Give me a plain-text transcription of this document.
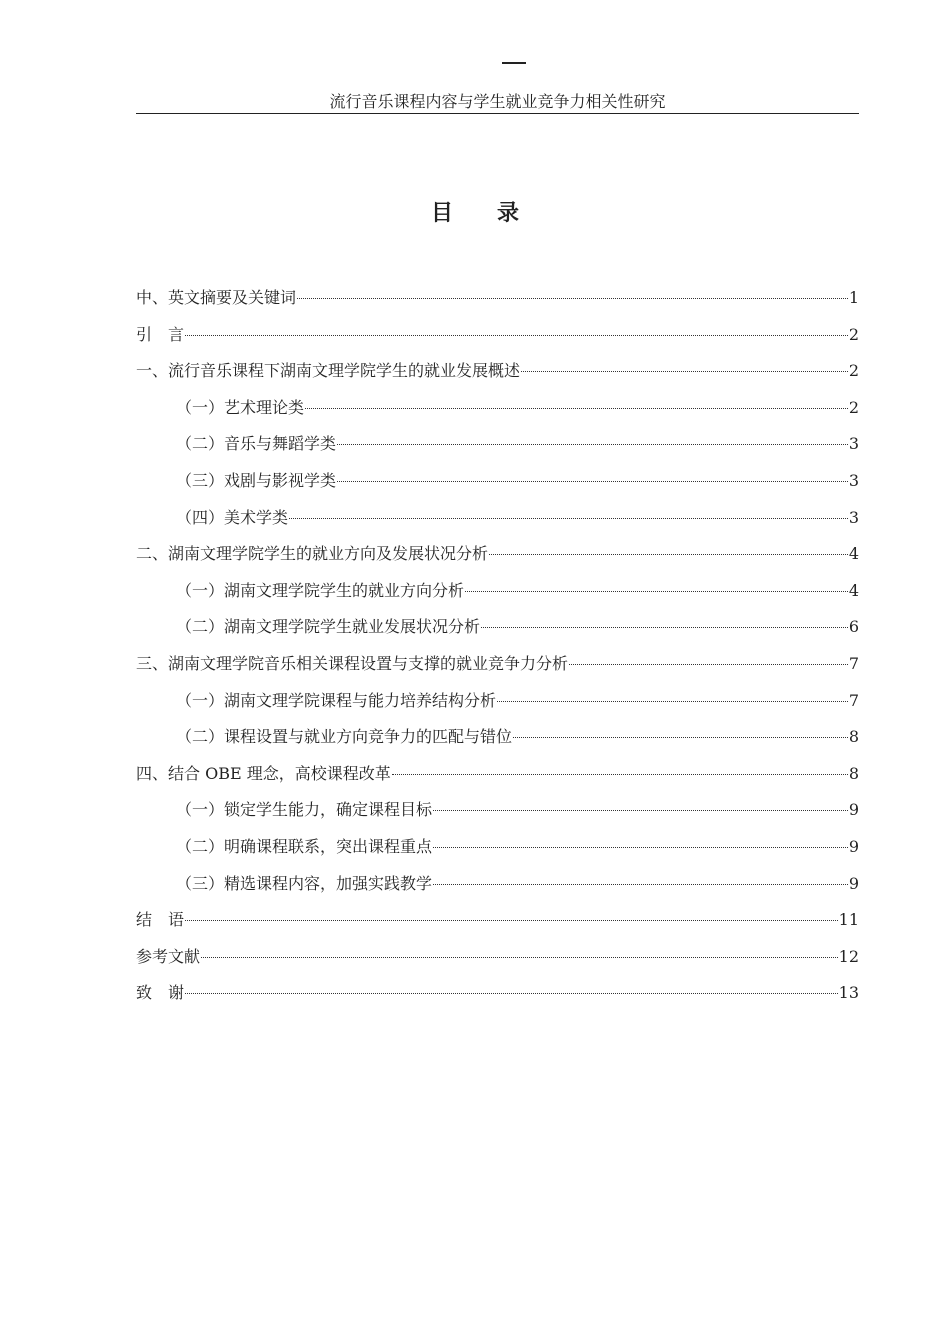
流行音乐课程内容与学生就业竞争力相关性研究
目 录
中、英文摘要及关键词	1
引　言	2
一、流行音乐课程下湖南文理学院学生的就业发展概述	2
（一）艺术理论类	2
（二）音乐与舞蹈学类	3
（三）戏剧与影视学类	3
（四）美术学类	3
二、湖南文理学院学生的就业方向及发展状况分析	4
（一）湖南文理学院学生的就业方向分析	4
（二）湖南文理学院学生就业发展状况分析	6
三、湖南文理学院音乐相关课程设置与支撑的就业竞争力分析	7
（一）湖南文理学院课程与能力培养结构分析	7
（二）课程设置与就业方向竞争力的匹配与错位	8
四、结合 OBE 理念，高校课程改革	8
（一）锁定学生能力，确定课程目标	9
（二）明确课程联系，突出课程重点	9
（三）精选课程内容，加强实践教学	9
结　语	11
参考文献	12
致　谢	13
